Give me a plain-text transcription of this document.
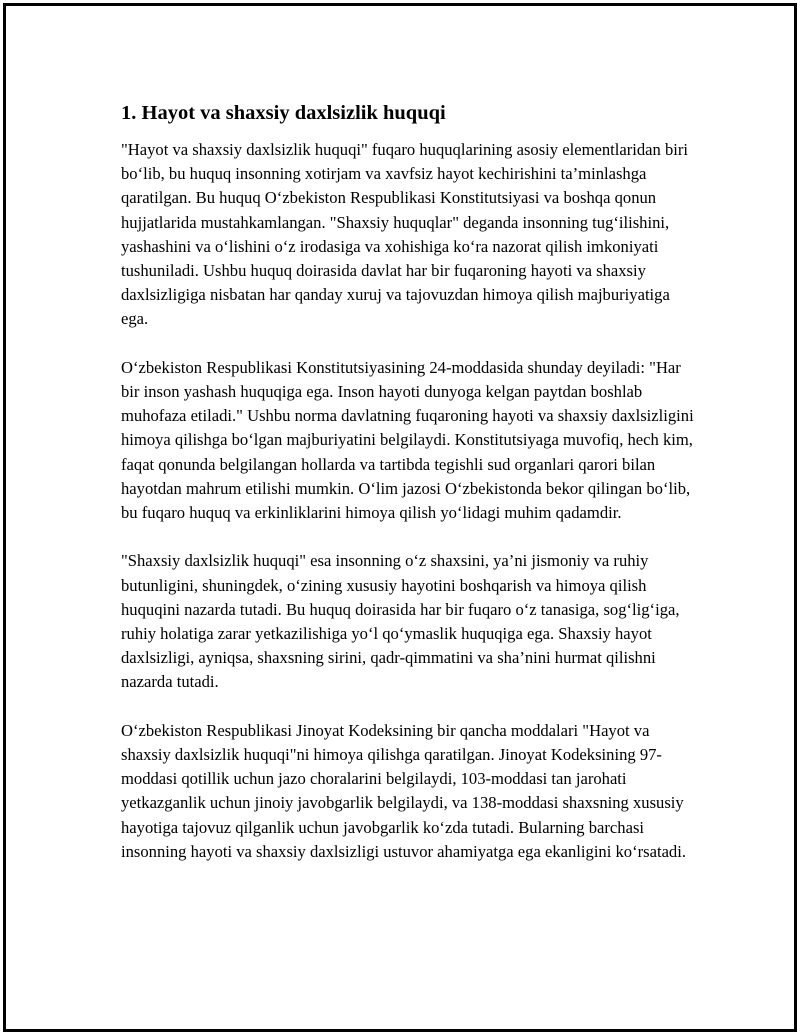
1. Hayot va shaxsiy daxlsizlik huquqi

"Hayot va shaxsiy daxlsizlik huquqi" fuqaro huquqlarining asosiy elementlaridan biri bo‘lib, bu huquq insonning xotirjam va xavfsiz hayot kechirishini ta’minlashga qaratilgan. Bu huquq O‘zbekiston Respublikasi Konstitutsiyasi va boshqa qonun hujjatlarida mustahkamlangan. "Shaxsiy huquqlar" deganda insonning tug‘ilishini, yashashini va o‘lishini o‘z irodasiga va xohishiga ko‘ra nazorat qilish imkoniyati tushuniladi. Ushbu huquq doirasida davlat har bir fuqaroning hayoti va shaxsiy daxlsizligiga nisbatan har qanday xuruj va tajovuzdan himoya qilish majburiyatiga ega.

O‘zbekiston Respublikasi Konstitutsiyasining 24-moddasida shunday deyiladi: "Har bir inson yashash huquqiga ega. Inson hayoti dunyoga kelgan paytdan boshlab muhofaza etiladi." Ushbu norma davlatning fuqaroning hayoti va shaxsiy daxlsizligini himoya qilishga bo‘lgan majburiyatini belgilaydi. Konstitutsiyaga muvofiq, hech kim, faqat qonunda belgilangan hollarda va tartibda tegishli sud organlari qarori bilan hayotdan mahrum etilishi mumkin. O‘lim jazosi O‘zbekistonda bekor qilingan bo‘lib, bu fuqaro huquq va erkinliklarini himoya qilish yo‘lidagi muhim qadamdir.

"Shaxsiy daxlsizlik huquqi" esa insonning o‘z shaxsini, ya’ni jismoniy va ruhiy butunligini, shuningdek, o‘zining xususiy hayotini boshqarish va himoya qilish huquqini nazarda tutadi. Bu huquq doirasida har bir fuqaro o‘z tanasiga, sog‘lig‘iga, ruhiy holatiga zarar yetkazilishiga yo‘l qo‘ymaslik huquqiga ega. Shaxsiy hayot daxlsizligi, ayniqsa, shaxsning sirini, qadr-qimmatini va sha’nini hurmat qilishni nazarda tutadi.

O‘zbekiston Respublikasi Jinoyat Kodeksining bir qancha moddalari "Hayot va shaxsiy daxlsizlik huquqi"ni himoya qilishga qaratilgan. Jinoyat Kodeksining 97-moddasi qotillik uchun jazo choralarini belgilaydi, 103-moddasi tan jarohati yetkazganlik uchun jinoiy javobgarlik belgilaydi, va 138-moddasi shaxsning xususiy hayotiga tajovuz qilganlik uchun javobgarlik ko‘zda tutadi. Bularning barchasi insonning hayoti va shaxsiy daxlsizligi ustuvor ahamiyatga ega ekanligini ko‘rsatadi.
